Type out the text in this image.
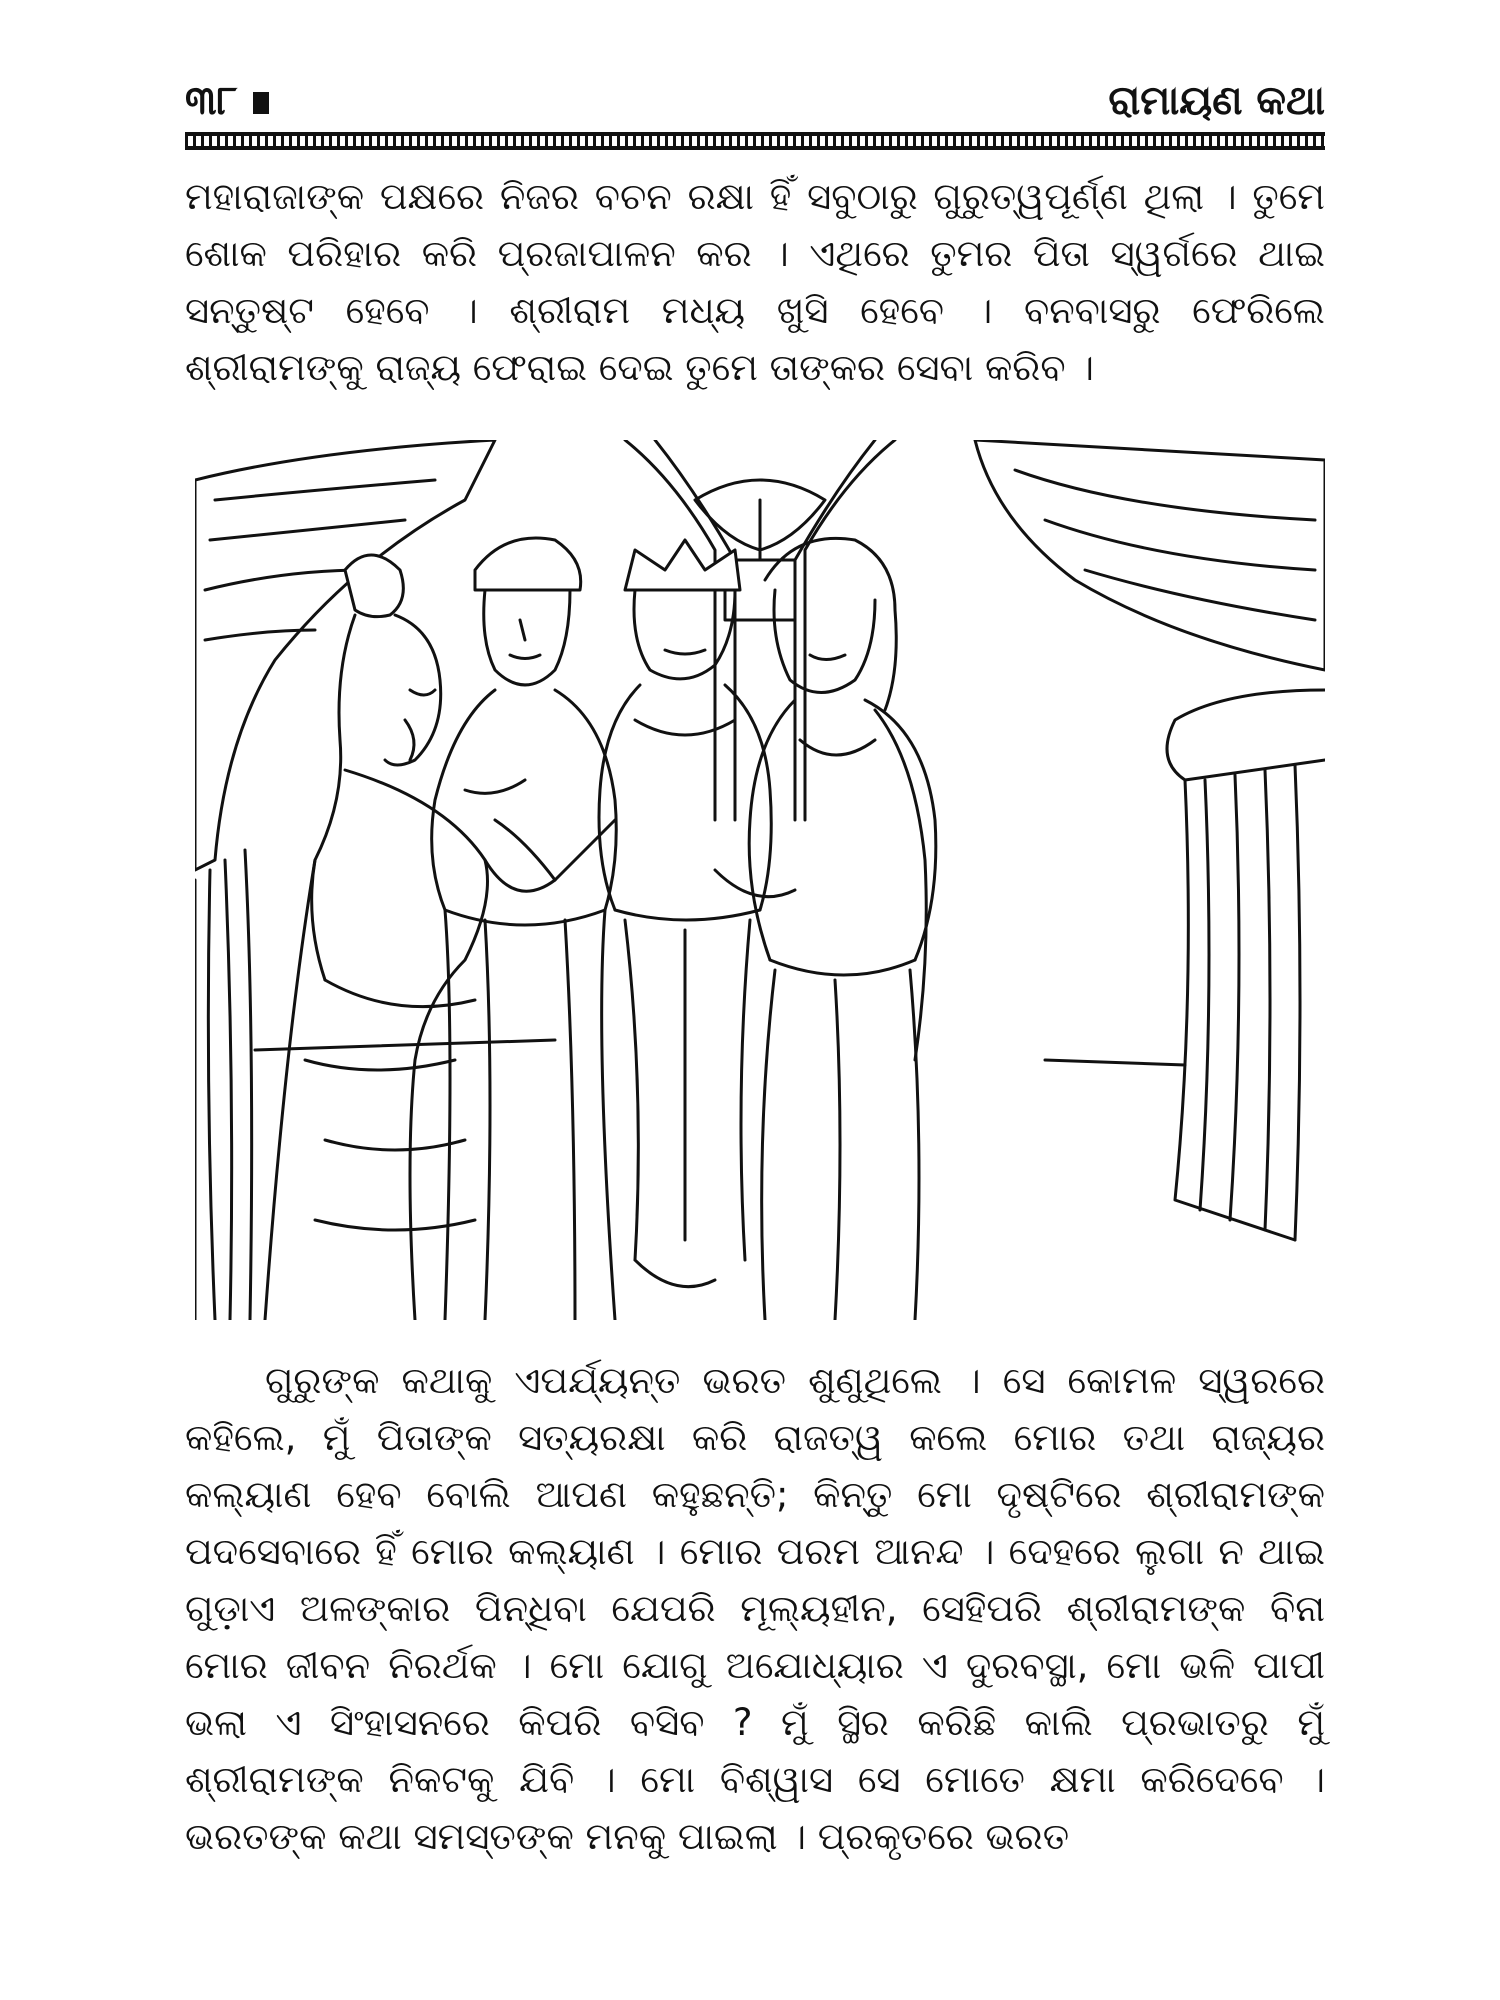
୩୮	ରାମାୟଣ କଥା

ମହାରାଜାଙ୍କ ପକ୍ଷରେ ନିଜର ବଚନ ରକ୍ଷା ହିଁ ସବୁଠାରୁ ଗୁରୁତ୍ୱପୂର୍ଣ୍ଣ ଥିଲା । ତୁମେ ଶୋକ ପରିହାର କରି ପ୍ରଜାପାଳନ କର । ଏଥିରେ ତୁମର ପିତା ସ୍ୱର୍ଗରେ ଥାଇ ସନ୍ତୁଷ୍ଟ ହେବେ । ଶ୍ରୀରାମ ମଧ୍ୟ ଖୁସି ହେବେ । ବନବାସରୁ ଫେରିଲେ ଶ୍ରୀରାମଙ୍କୁ ରାଜ୍ୟ ଫେରାଇ ଦେଇ ତୁମେ ତାଙ୍କର ସେବା କରିବ ।

ଗୁରୁଙ୍କ କଥାକୁ ଏପର୍ଯ୍ୟନ୍ତ ଭରତ ଶୁଣୁଥିଲେ । ସେ କୋମଳ ସ୍ୱରରେ କହିଲେ, ମୁଁ ପିତାଙ୍କ ସତ୍ୟରକ୍ଷା କରି ରାଜତ୍ୱ କଲେ ମୋର ତଥା ରାଜ୍ୟର କଲ୍ୟାଣ ହେବ ବୋଲି ଆପଣ କହୁଛନ୍ତି; କିନ୍ତୁ ମୋ ଦୃଷ୍ଟିରେ ଶ୍ରୀରାମଙ୍କ ପଦସେବାରେ ହିଁ ମୋର କଲ୍ୟାଣ । ମୋର ପରମ ଆନନ୍ଦ । ଦେହରେ ଲୁଗା ନ ଥାଇ ଗୁଡ଼ାଏ ଅଳଙ୍କାର ପିନ୍ଧିବା ଯେପରି ମୂଲ୍ୟହୀନ, ସେହିପରି ଶ୍ରୀରାମଙ୍କ ବିନା ମୋର ଜୀବନ ନିରର୍ଥକ । ମୋ ଯୋଗୁ ଅଯୋଧ୍ୟାର ଏ ଦୁରବସ୍ଥା, ମୋ ଭଳି ପାପୀ ଭଲା ଏ ସିଂହାସନରେ କିପରି ବସିବ ? ମୁଁ ସ୍ଥିର କରିଛି କାଲି ପ୍ରଭାତରୁ ମୁଁ ଶ୍ରୀରାମଙ୍କ ନିକଟକୁ ଯିବି । ମୋ ବିଶ୍ୱାସ ସେ ମୋତେ କ୍ଷମା କରିଦେବେ । ଭରତଙ୍କ କଥା ସମସ୍ତଙ୍କ ମନକୁ ପାଇଲା । ପ୍ରକୃତରେ ଭରତ
